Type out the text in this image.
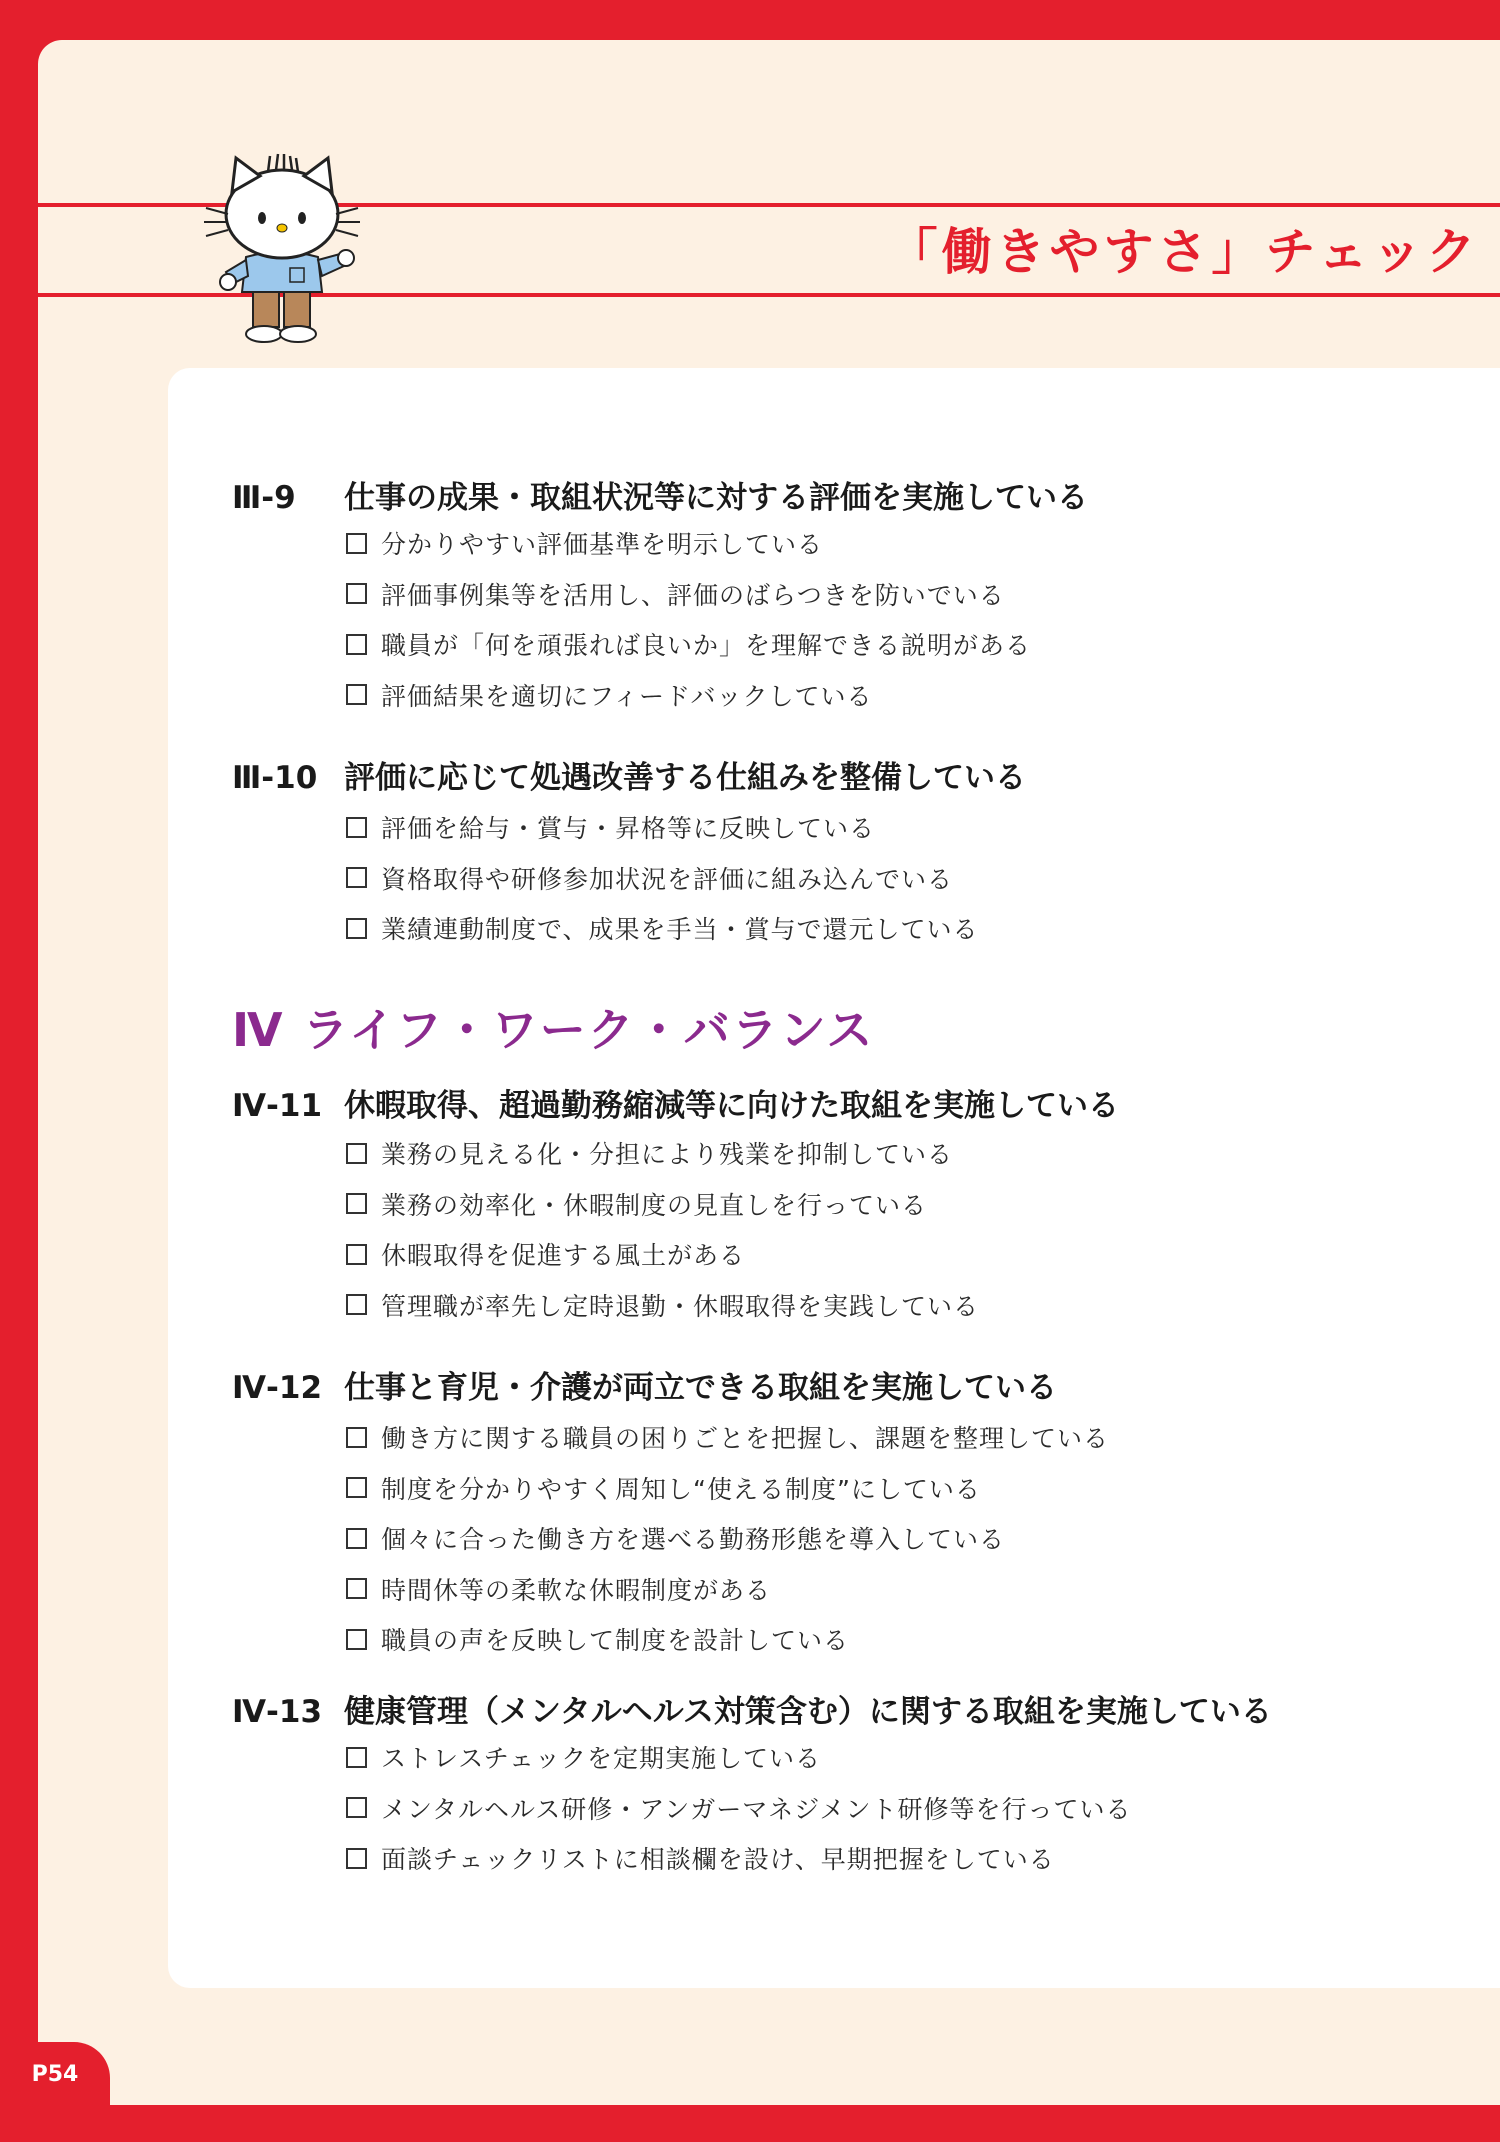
「働きやすさ」チェック
Ⅲ-9 仕事の成果・取組状況等に対する評価を実施している
分かりやすい評価基準を明示している
評価事例集等を活用し、評価のばらつきを防いでいる
職員が「何を頑張れば良いか」を理解できる説明がある
評価結果を適切にフィードバックしている
Ⅲ-10 評価に応じて処遇改善する仕組みを整備している
評価を給与・賞与・昇格等に反映している
資格取得や研修参加状況を評価に組み込んでいる
業績連動制度で、成果を手当・賞与で還元している
Ⅳ-11 休暇取得、超過勤務縮減等に向けた取組を実施している
業務の見える化・分担により残業を抑制している
業務の効率化・休暇制度の見直しを行っている
休暇取得を促進する風土がある
管理職が率先し定時退勤・休暇取得を実践している
Ⅳ-12 仕事と育児・介護が両立できる取組を実施している
働き方に関する職員の困りごとを把握し、課題を整理している
制度を分かりやすく周知し“使える制度”にしている
個々に合った働き方を選べる勤務形態を導入している
時間休等の柔軟な休暇制度がある
職員の声を反映して制度を設計している
Ⅳ-13 健康管理（メンタルヘルス対策含む）に関する取組を実施している
ストレスチェックを定期実施している
メンタルヘルス研修・アンガーマネジメント研修等を行っている
面談チェックリストに相談欄を設け、早期把握をしている
Ⅳ ライフ・ワーク・バランス
P54
